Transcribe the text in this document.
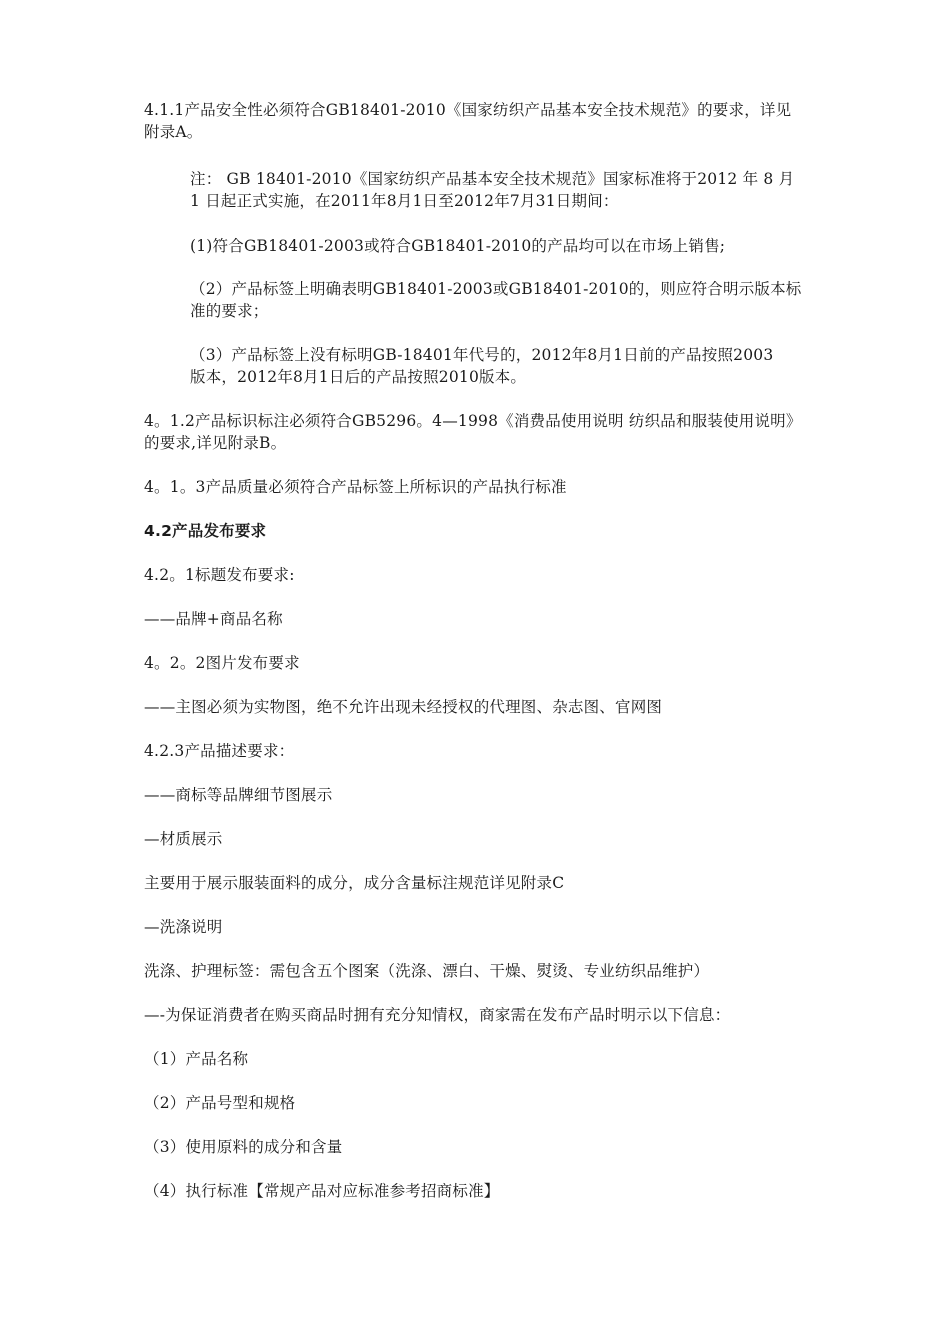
4.1.1产品安全性必须符合GB18401-2010《国家纺织产品基本安全技术规范》的要求，详见

附录A。

注： GB 18401-2010《国家纺织产品基本安全技术规范》国家标准将于2012 年 8 月

1 日起正式实施，在2011年8月1日至2012年7月31日期间：

(1)符合GB18401-2003或符合GB18401-2010的产品均可以在市场上销售;

（2）产品标签上明确表明GB18401-2003或GB18401-2010的，则应符合明示版本标

准的要求；

（3）产品标签上没有标明GB-18401年代号的，2012年8月1日前的产品按照2003

版本，2012年8月1日后的产品按照2010版本。

4。1.2产品标识标注必须符合GB5296。4—1998《消费品使用说明 纺织品和服装使用说明》

的要求,详见附录B。

4。1。3产品质量必须符合产品标签上所标识的产品执行标准

4.2产品发布要求

4.2。1标题发布要求:

——品牌+商品名称

4。2。2图片发布要求

——主图必须为实物图，绝不允许出现未经授权的代理图、杂志图、官网图

4.2.3产品描述要求：

——商标等品牌细节图展示

—材质展示

主要用于展示服装面料的成分，成分含量标注规范详见附录C

—洗涤说明

洗涤、护理标签：需包含五个图案（洗涤、漂白、干燥、熨烫、专业纺织品维护）

—-为保证消费者在购买商品时拥有充分知情权，商家需在发布产品时明示以下信息：

（1）产品名称

（2）产品号型和规格

（3）使用原料的成分和含量

（4）执行标准【常规产品对应标准参考招商标准】
